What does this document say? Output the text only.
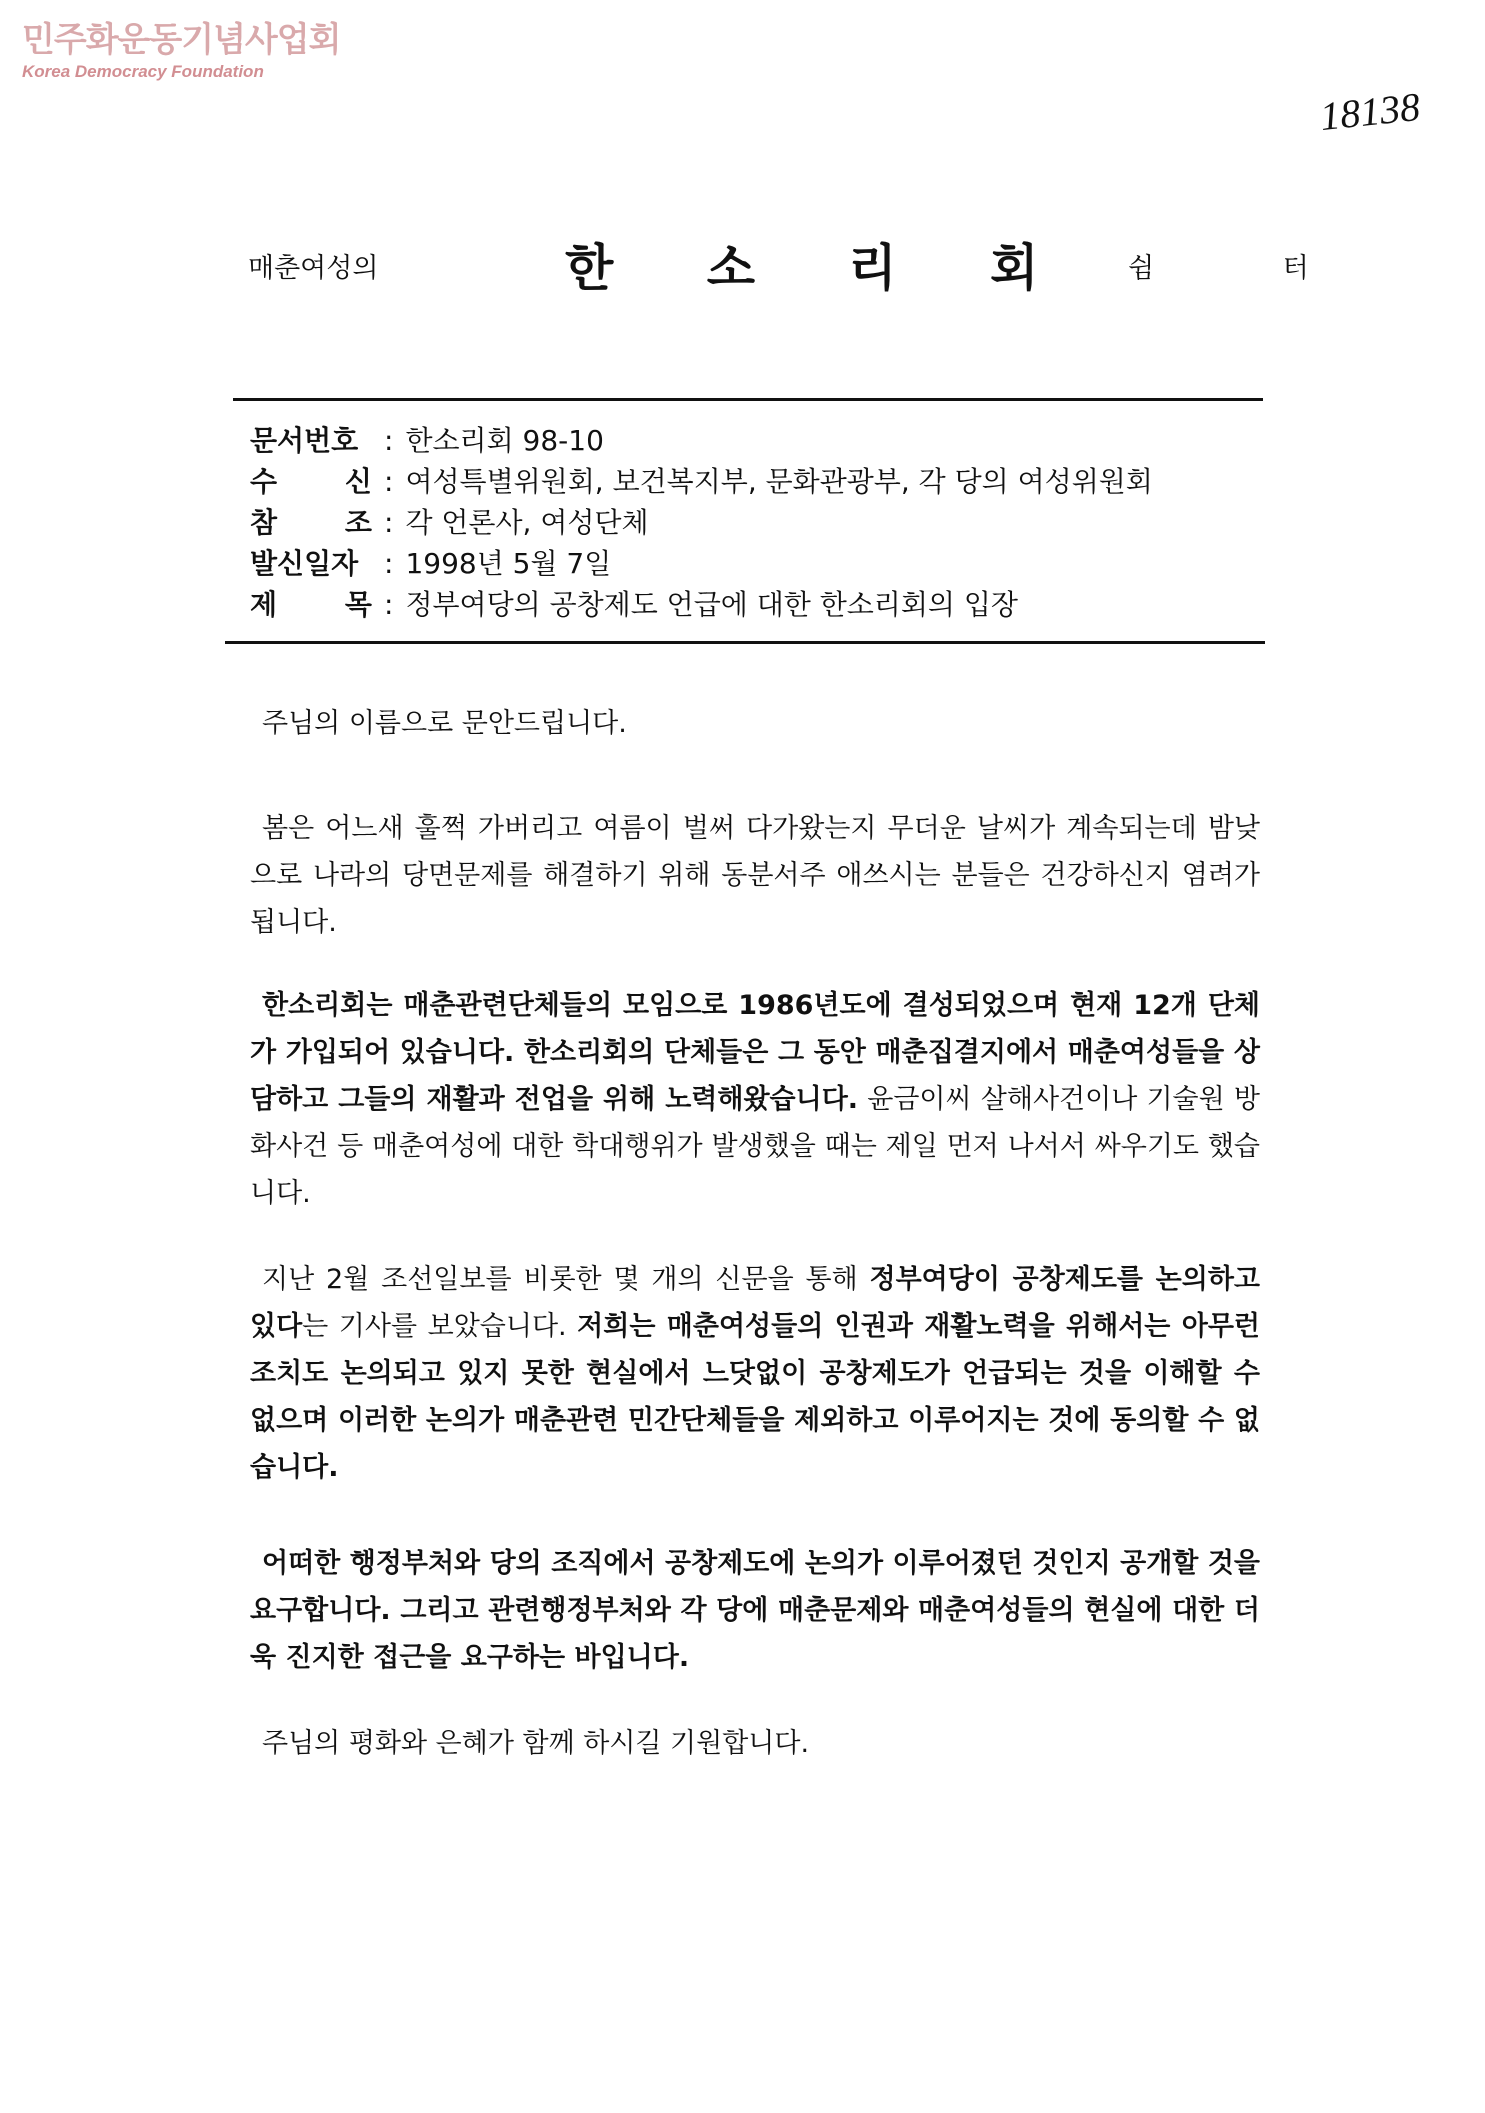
민주화운동기념사업회
Korea Democracy Foundation
18138
매춘여성의	한 소 리 회 쉼 터
문서번호 : 한소리회 98-10
수 신 : 여성특별위원회, 보건복지부, 문화관광부, 각 당의 여성위원회
참 조 : 각 언론사, 여성단체
발신일자 : 1998년 5월 7일
제 목 : 정부여당의 공창제도 언급에 대한 한소리회의 입장
주님의 이름으로 문안드립니다.
봄은 어느새 훌쩍 가버리고 여름이 벌써 다가왔는지 무더운 날씨가 계속되는데 밤낮으로 나라의 당면문제를 해결하기 위해 동분서주 애쓰시는 분들은 건강하신지 염려가 됩니다.
한소리회는 매춘관련단체들의 모임으로 1986년도에 결성되었으며 현재 12개 단체가 가입되어 있습니다. 한소리회의 단체들은 그 동안 매춘집결지에서 매춘여성들을 상담하고 그들의 재활과 전업을 위해 노력해왔습니다. 윤금이씨 살해사건이나 기술원 방화사건 등 매춘여성에 대한 학대행위가 발생했을 때는 제일 먼저 나서서 싸우기도 했습니다.
지난 2월 조선일보를 비롯한 몇 개의 신문을 통해 정부여당이 공창제도를 논의하고 있다는 기사를 보았습니다. 저희는 매춘여성들의 인권과 재활노력을 위해서는 아무런 조치도 논의되고 있지 못한 현실에서 느닷없이 공창제도가 언급되는 것을 이해할 수 없으며 이러한 논의가 매춘관련 민간단체들을 제외하고 이루어지는 것에 동의할 수 없습니다.
어떠한 행정부처와 당의 조직에서 공창제도에 논의가 이루어졌던 것인지 공개할 것을 요구합니다. 그리고 관련행정부처와 각 당에 매춘문제와 매춘여성들의 현실에 대한 더욱 진지한 접근을 요구하는 바입니다.
주님의 평화와 은혜가 함께 하시길 기원합니다.
